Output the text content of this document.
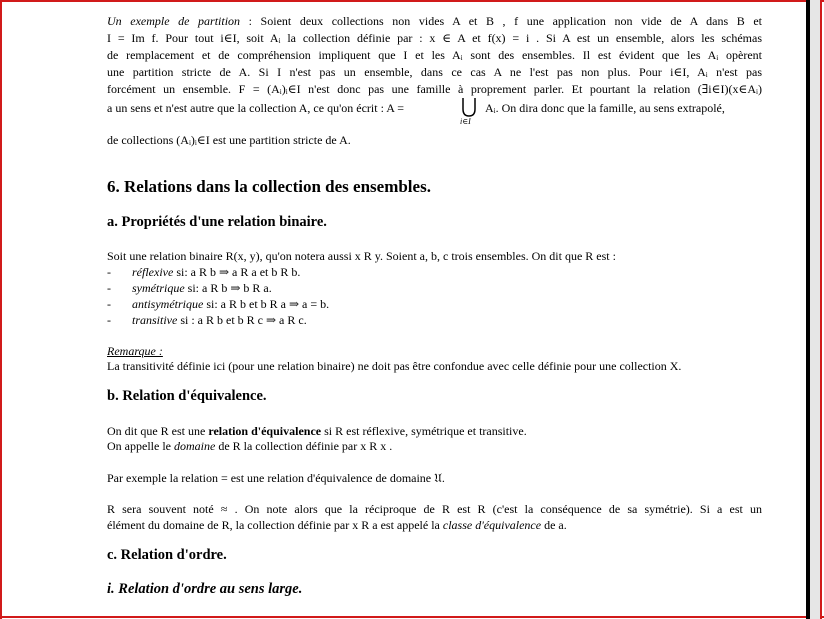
Un exemple de partition : Soient deux collections non vides A et B , f une application non vide de A dans B et
I = Im f. Pour tout i∈I, soit Aᵢ la collection définie par : x ∈ A et f(x) = i . Si A est un ensemble, alors les schémas
de remplacement et de compréhension impliquent que I et les Aᵢ sont des ensembles. Il est évident que les Aᵢ opèrent
une partition stricte de A. Si I n'est pas un ensemble, dans ce cas A ne l'est pas non plus. Pour i∈I, Aᵢ n'est pas
forcément un ensemble. F = (Aᵢ)ᵢ∈I n'est donc pas une famille à proprement parler. Et pourtant la relation (∃i∈I)(x∈Aᵢ)
a un sens et n'est autre que la collection A, ce qu'on écrit : A =
i∈I
Aᵢ. On dira donc que la famille, au sens extrapolé,
de collections (Aᵢ)ᵢ∈I est une partition stricte de A.
6. Relations dans la collection des ensembles.
a. Propriétés d'une relation binaire.
Soit une relation binaire R(x, y), qu'on notera aussi x R y. Soient a, b, c trois ensembles. On dit que R est :
- réflexive si: a R b ⇒ a R a et b R b.
- symétrique si: a R b ⇒ b R a.
- antisymétrique si: a R b et b R a ⇒ a = b.
- transitive si : a R b et b R c ⇒ a R c.
Remarque :
La transitivité définie ici (pour une relation binaire) ne doit pas être confondue avec celle définie pour une collection X.
b. Relation d'équivalence.
On dit que R est une relation d'équivalence si R est réflexive, symétrique et transitive.
On appelle le domaine de R la collection définie par x R x .
Par exemple la relation = est une relation d'équivalence de domaine 𝔘.
R sera souvent noté ≈ . On note alors que la réciproque de R est R (c'est la conséquence de sa symétrie). Si a est un
élément du domaine de R, la collection définie par x R a est appelé la classe d'équivalence de a.
c. Relation d'ordre.
i. Relation d'ordre au sens large.
